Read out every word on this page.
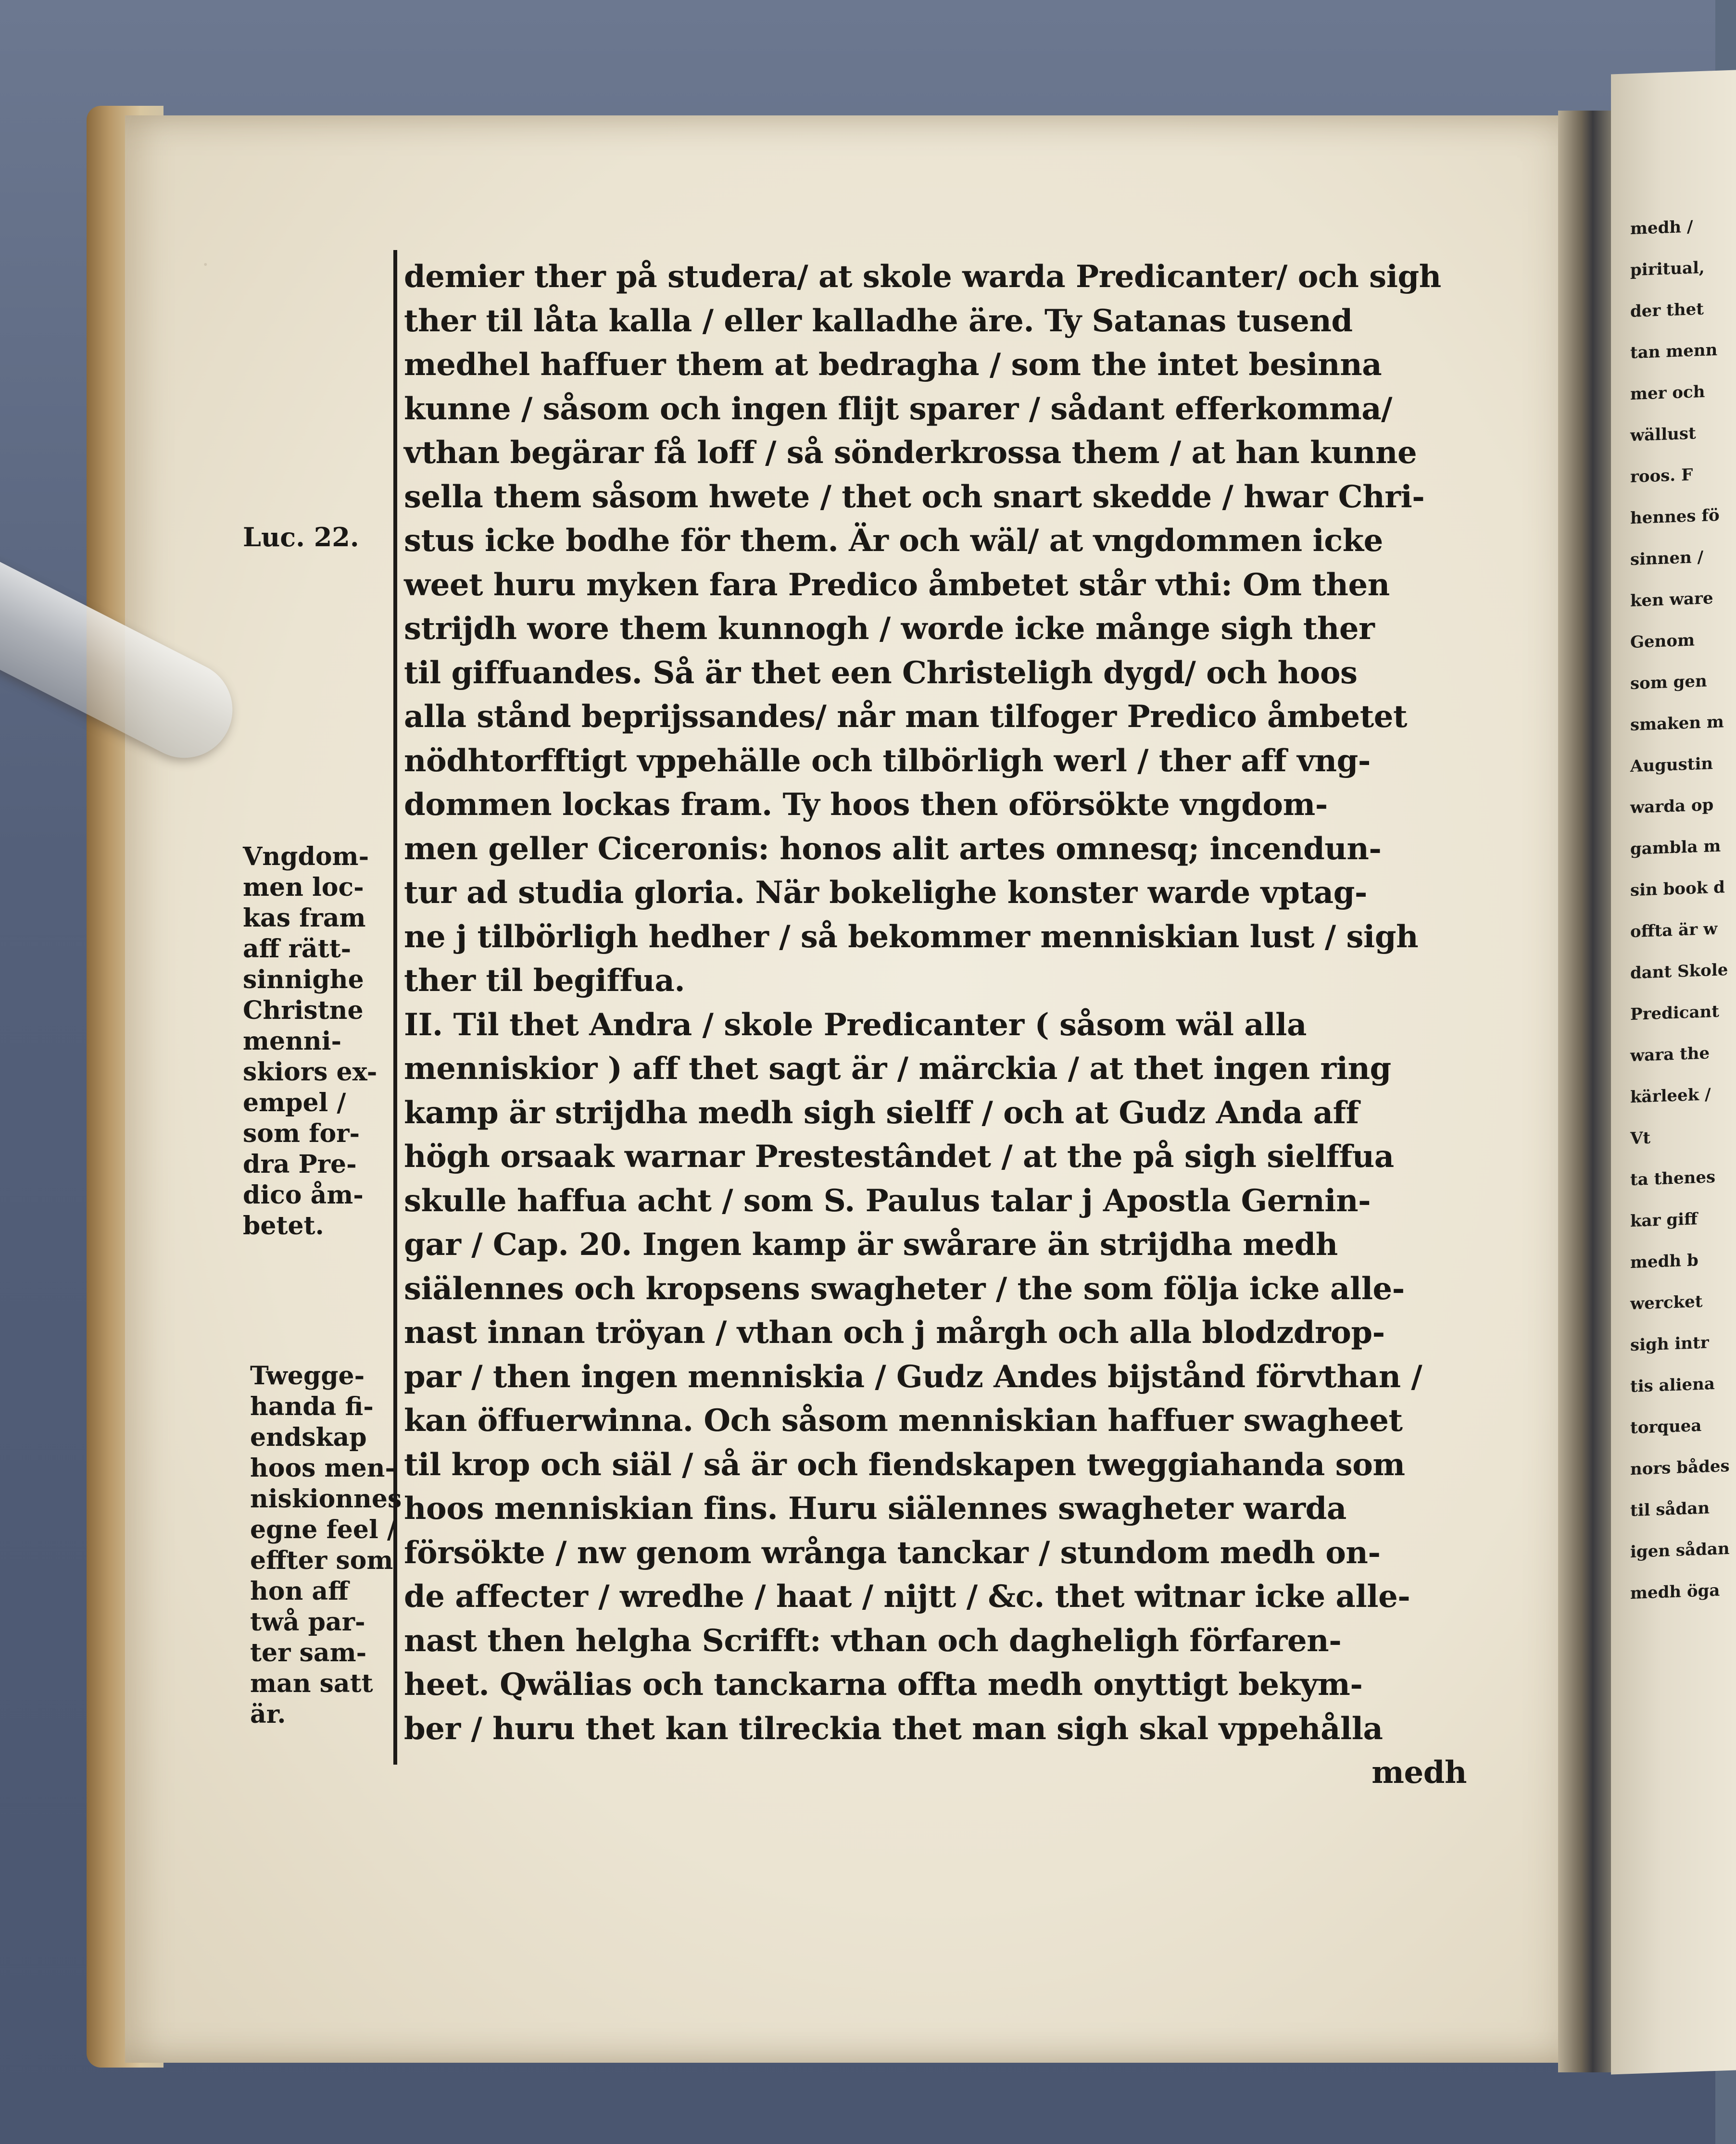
medh /
piritual,
der thet
tan menn
mer och
wällust
roos. F
hennes fö
sinnen /
ken ware
Genom
som gen
smaken m
Augustin
warda op
gambla m
sin book d
offta är w
dant Skole
Predicant
wara the
kärleek /
Vt
ta thenes
kar giff
medh b
wercket
sigh intr
tis aliena
torquea
nors bådes
til sådan
igen sådan
medh öga
·
Luc. 22.
Vngdom-
men loc-
kas fram
aff rätt-
sinnighe
Christne
menni-
skiors ex-
empel /
som for-
dra Pre-
dico åm-
betet.
Twegge-
handa fi-
endskap
hoos men-
niskionnes
egne feel /
effter som
hon aff
twå par-
ter sam-
man satt
är.
demier ther på studera/ at skole warda Predicanter/ och sigh
ther til låta kalla / eller kalladhe äre. Ty Satanas tusend
medhel haffuer them at bedragha / som the intet besinna
kunne / såsom och ingen flijt sparer / sådant efferkomma/
vthan begärar få loff / så sönderkrossa them / at han kunne
sella them såsom hwete / thet och snart skedde / hwar Chri-
stus icke bodhe för them. Är och wäl/ at vngdommen icke
weet huru myken fara Predico åmbetet står vthi: Om then
strijdh wore them kunnogh / worde icke månge sigh ther
til giffuandes. Så är thet een Christeligh dygd/ och hoos
alla stånd beprijssandes/ når man tilfoger Predico åmbetet
nödhtorfftigt vppehälle och tilbörligh werl / ther aff vng-
dommen lockas fram. Ty hoos then oförsökte vngdom-
men geller Ciceronis: honos alit artes omnesq; incendun-
tur ad studia gloria. När bokelighe konster warde vptag-
ne j tilbörligh hedher / så bekommer menniskian lust / sigh
ther til begiffua.
II. Til thet Andra / skole Predicanter ( såsom wäl alla
menniskior ) aff thet sagt är / märckia / at thet ingen ring
kamp är strijdha medh sigh sielff / och at Gudz Anda aff
högh orsaak warnar Prestestândet / at the på sigh sielffua
skulle haffua acht / som S. Paulus talar j Apostla Gernin-
gar / Cap. 20. Ingen kamp är swårare än strijdha medh
siälennes och kropsens swagheter / the som följa icke alle-
nast innan tröyan / vthan och j mårgh och alla blodzdrop-
par / then ingen menniskia / Gudz Andes bijstånd förvthan /
kan öffuerwinna. Och såsom menniskian haffuer swagheet
til krop och siäl / så är och fiendskapen tweggiahanda som
hoos menniskian fins. Huru siälennes swagheter warda
försökte / nw genom wrånga tanckar / stundom medh on-
de affecter / wredhe / haat / nijtt / &c. thet witnar icke alle-
nast then helgha Scrifft: vthan och dagheligh förfaren-
heet. Qwälias och tanckarna offta medh onyttigt bekym-
ber / huru thet kan tilreckia thet man sigh skal vppehålla
medh
